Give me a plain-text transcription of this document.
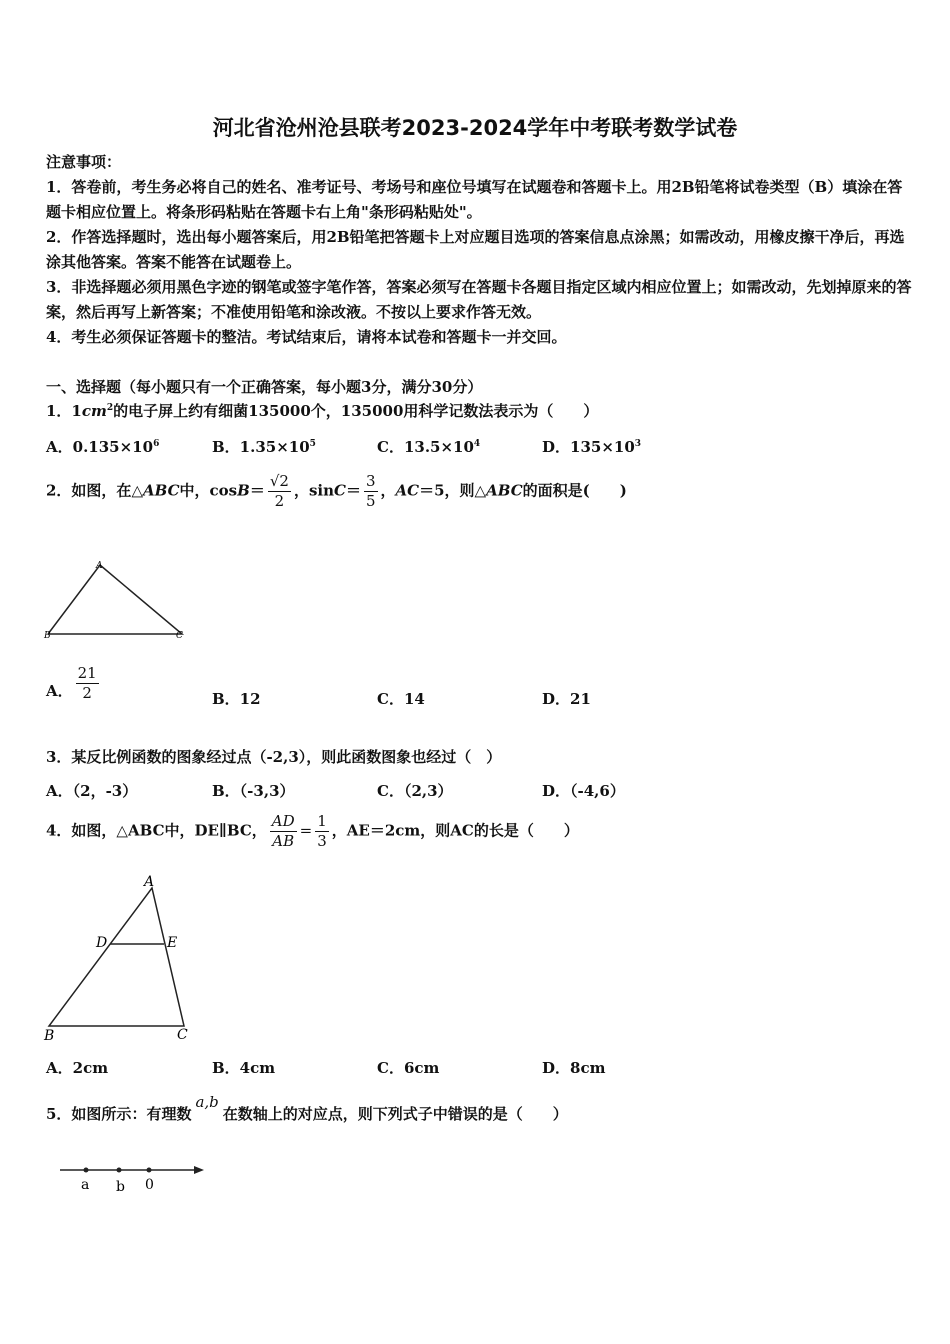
河北省沧州沧县联考2023-2024学年中考联考数学试卷
注意事项：
1．答卷前，考生务必将自己的姓名、准考证号、考场号和座位号填写在试题卷和答题卡上。用2B铅笔将试卷类型（B）填涂在答题卡相应位置上。将条形码粘贴在答题卡右上角"条形码粘贴处"。
2．作答选择题时，选出每小题答案后，用2B铅笔把答题卡上对应题目选项的答案信息点涂黑；如需改动，用橡皮擦干净后，再选涂其他答案。答案不能答在试题卷上。
3．非选择题必须用黑色字迹的钢笔或签字笔作答，答案必须写在答题卡各题目指定区域内相应位置上；如需改动，先划掉原来的答案，然后再写上新答案；不准使用铅笔和涂改液。不按以上要求作答无效。
4．考生必须保证答题卡的整洁。考试结束后，请将本试卷和答题卡一并交回。
一、选择题（每小题只有一个正确答案，每小题3分，满分30分）
1．$1cm^2$的电子屏上约有细菌135000个，135000用科学记数法表示为（　　）
A．$0.135\times 10^6$	B．$1.35\times 10^5$	C．$13.5\times 10^4$	D．$135\times 10^3$
2．如图，在△ABC中，$\cos B= \frac{√2}{2}$ ，$\sin C= \frac{3}{5}$ ，AC＝5，则△ABC的面积是(　　)
A
B	C
A． $\frac{21}{2}$	B．12	C．14	D．21
3．某反比例函数的图象经过点（-2,3），则此函数图象也经过（　）
A．（2，-3）	B．（-3,3）	C．（2,3）	D．（-4,6）
4．如图，△ABC中，DE∥BC， $\frac{AD}{AB} = \frac{1}{3}$ ，AE＝2cm，则AC的长是（　　）
A
D	E
B	C
A．2cm	B．4cm	C．6cm	D．8cm
5．如图所示：有理数a,b在数轴上的对应点，则下列式子中错误的是（　　）
a b 0
